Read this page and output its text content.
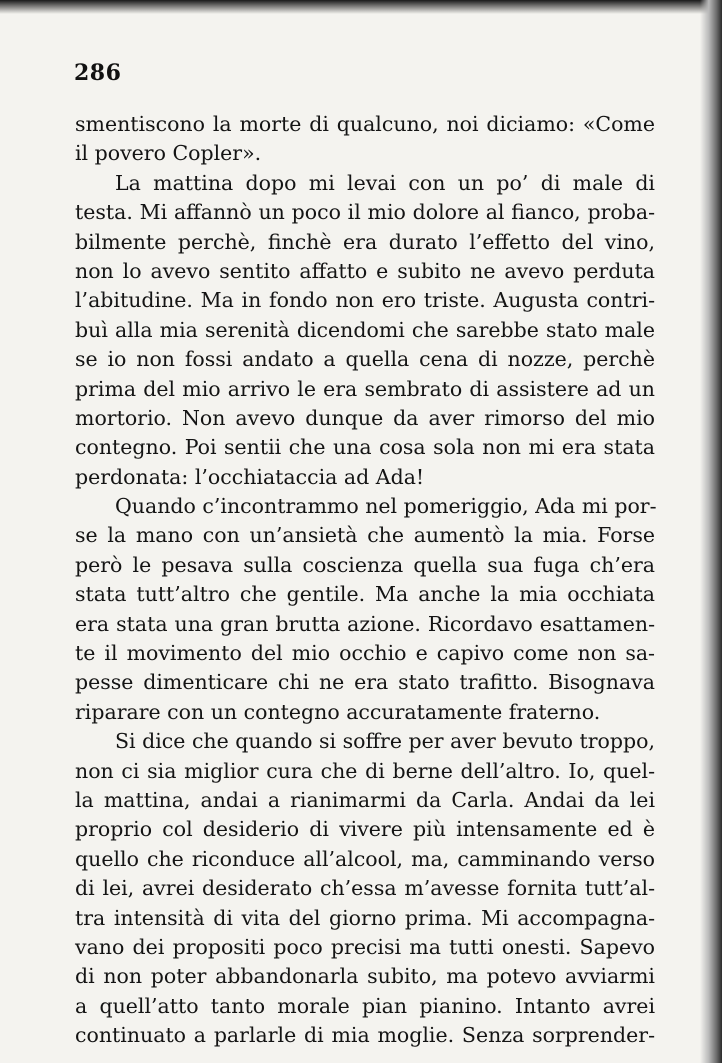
286
smentiscono la morte di qualcuno, noi diciamo: «Come
il povero Copler».
La mattina dopo mi levai con un po’ di male di
testa. Mi affannò un poco il mio dolore al fianco, proba-
bilmente perchè, finchè era durato l’effetto del vino,
non lo avevo sentito affatto e subito ne avevo perduta
l’abitudine. Ma in fondo non ero triste. Augusta contri-
buì alla mia serenità dicendomi che sarebbe stato male
se io non fossi andato a quella cena di nozze, perchè
prima del mio arrivo le era sembrato di assistere ad un
mortorio. Non avevo dunque da aver rimorso del mio
contegno. Poi sentii che una cosa sola non mi era stata
perdonata: l’occhiataccia ad Ada!
Quando c’incontrammo nel pomeriggio, Ada mi por-
se la mano con un’ansietà che aumentò la mia. Forse
però le pesava sulla coscienza quella sua fuga ch’era
stata tutt’altro che gentile. Ma anche la mia occhiata
era stata una gran brutta azione. Ricordavo esattamen-
te il movimento del mio occhio e capivo come non sa-
pesse dimenticare chi ne era stato trafitto. Bisognava
riparare con un contegno accuratamente fraterno.
Si dice che quando si soffre per aver bevuto troppo,
non ci sia miglior cura che di berne dell’altro. Io, quel-
la mattina, andai a rianimarmi da Carla. Andai da lei
proprio col desiderio di vivere più intensamente ed è
quello che riconduce all’alcool, ma, camminando verso
di lei, avrei desiderato ch’essa m’avesse fornita tutt’al-
tra intensità di vita del giorno prima. Mi accompagna-
vano dei propositi poco precisi ma tutti onesti. Sapevo
di non poter abbandonarla subito, ma potevo avviarmi
a quell’atto tanto morale pian pianino. Intanto avrei
continuato a parlarle di mia moglie. Senza sorprender-
